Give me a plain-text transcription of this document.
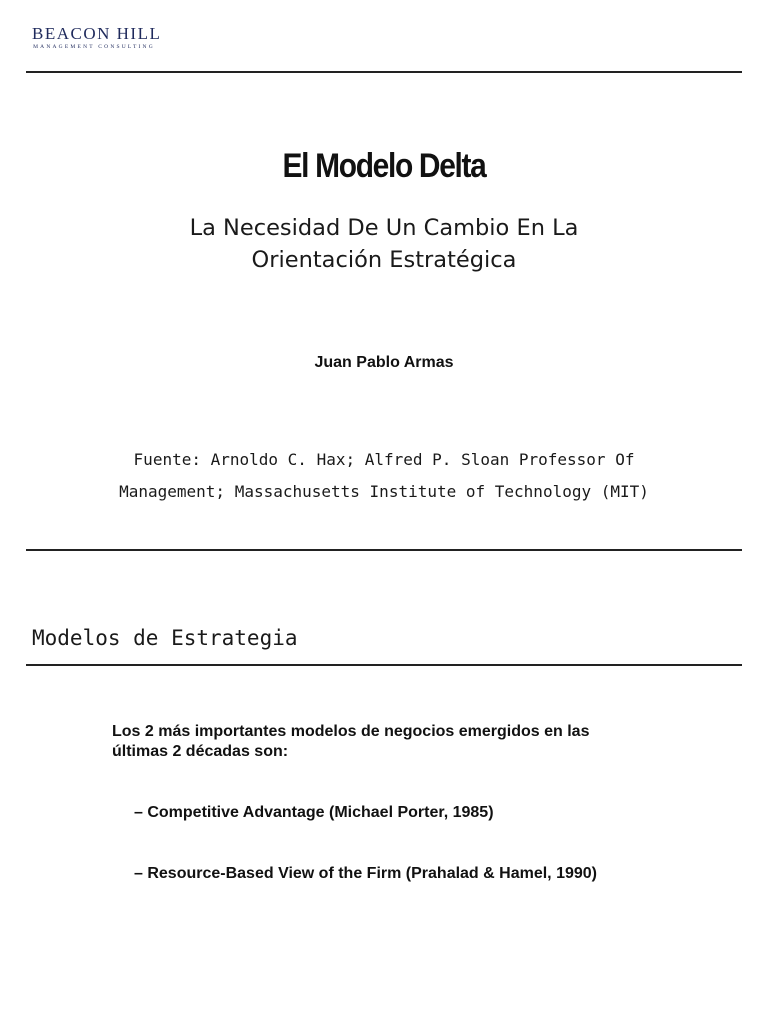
BEACON HILL
MANAGEMENT CONSULTING
El Modelo Delta
La Necesidad De Un Cambio En La
Orientación Estratégica
Juan Pablo Armas
Fuente: Arnoldo C. Hax; Alfred P. Sloan Professor Of
Management; Massachusetts Institute of Technology (MIT)
Modelos de Estrategia
Los 2 más importantes modelos de negocios emergidos en las
últimas 2 décadas son:
– Competitive Advantage (Michael Porter, 1985)
– Resource-Based View of the Firm (Prahalad & Hamel, 1990)
